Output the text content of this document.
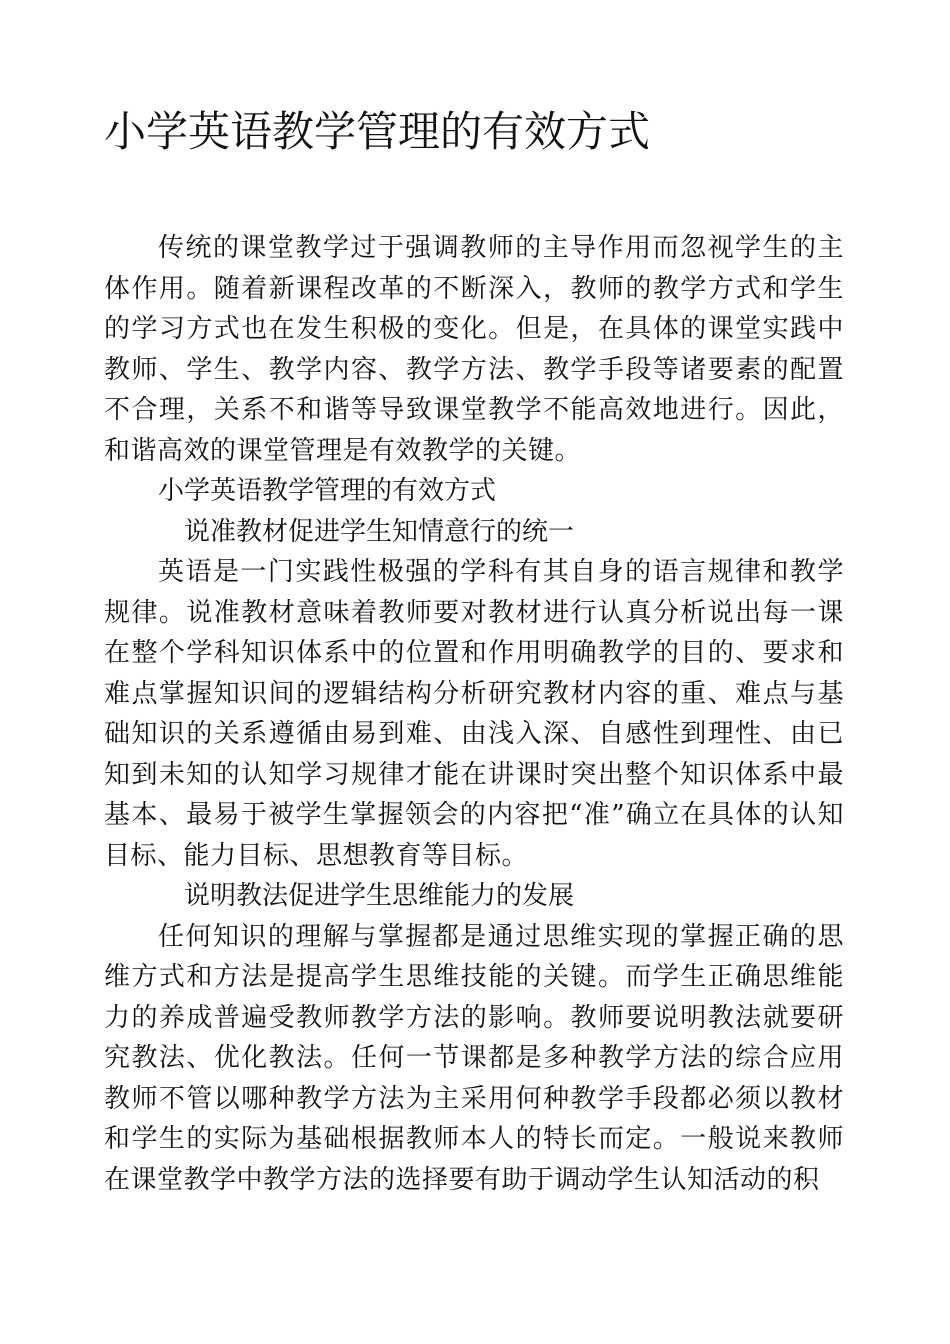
小学英语教学管理的有效方式

传统的课堂教学过于强调教师的主导作用而忽视学生的主体作用。随着新课程改革的不断深入，教师的教学方式和学生的学习方式也在发生积极的变化。但是，在具体的课堂实践中教师、学生、教学内容、教学方法、教学手段等诸要素的配置不合理，关系不和谐等导致课堂教学不能高效地进行。因此，和谐高效的课堂管理是有效教学的关键。

小学英语教学管理的有效方式

说准教材促进学生知情意行的统一

英语是一门实践性极强的学科有其自身的语言规律和教学规律。说准教材意味着教师要对教材进行认真分析说出每一课在整个学科知识体系中的位置和作用明确教学的目的、要求和难点掌握知识间的逻辑结构分析研究教材内容的重、难点与基础知识的关系遵循由易到难、由浅入深、自感性到理性、由已知到未知的认知学习规律才能在讲课时突出整个知识体系中最基本、最易于被学生掌握领会的内容把“准”确立在具体的认知目标、能力目标、思想教育等目标。

说明教法促进学生思维能力的发展

任何知识的理解与掌握都是通过思维实现的掌握正确的思维方式和方法是提高学生思维技能的关键。而学生正确思维能力的养成普遍受教师教学方法的影响。教师要说明教法就要研究教法、优化教法。任何一节课都是多种教学方法的综合应用教师不管以哪种教学方法为主采用何种教学手段都必须以教材和学生的实际为基础根据教师本人的特长而定。一般说来教师在课堂教学中教学方法的选择要有助于调动学生认知活动的积
